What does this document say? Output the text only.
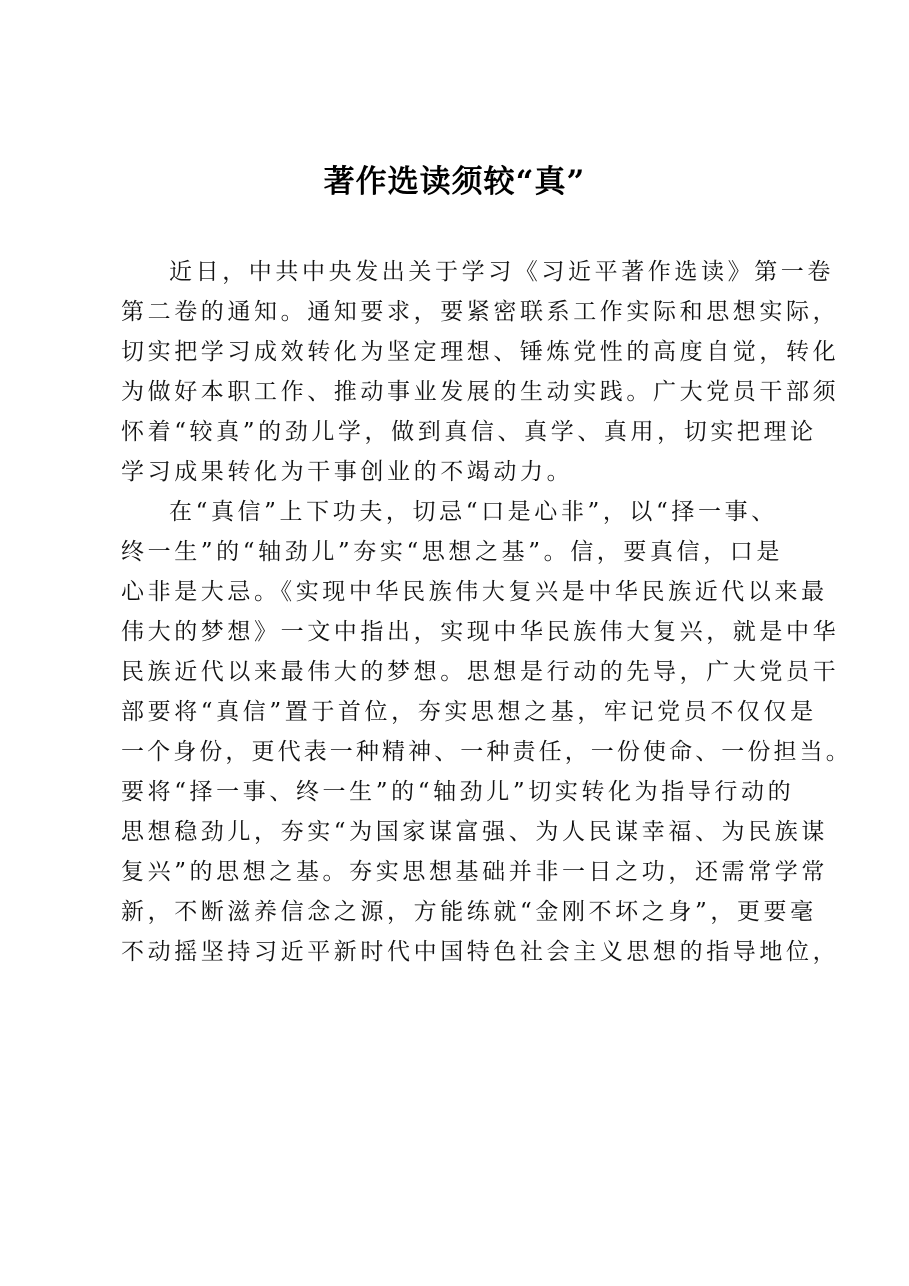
著作选读须较“真”
近日，中共中央发出关于学习《习近平著作选读》第一卷
第二卷的通知。通知要求，要紧密联系工作实际和思想实际，
切实把学习成效转化为坚定理想、锤炼党性的高度自觉，转化
为做好本职工作、推动事业发展的生动实践。广大党员干部须
怀着“较真”的劲儿学，做到真信、真学、真用，切实把理论
学习成果转化为干事创业的不竭动力。
在“真信”上下功夫，切忌“口是心非”，以“择一事、
终一生”的“轴劲儿”夯实“思想之基”。信，要真信，口是
心非是大忌。《实现中华民族伟大复兴是中华民族近代以来最
伟大的梦想》一文中指出，实现中华民族伟大复兴，就是中华
民族近代以来最伟大的梦想。思想是行动的先导，广大党员干
部要将“真信”置于首位，夯实思想之基，牢记党员不仅仅是
一个身份，更代表一种精神、一种责任，一份使命、一份担当。
要将“择一事、终一生”的“轴劲儿”切实转化为指导行动的
思想稳劲儿，夯实“为国家谋富强、为人民谋幸福、为民族谋
复兴”的思想之基。夯实思想基础并非一日之功，还需常学常
新，不断滋养信念之源，方能练就“金刚不坏之身”，更要毫
不动摇坚持习近平新时代中国特色社会主义思想的指导地位，
